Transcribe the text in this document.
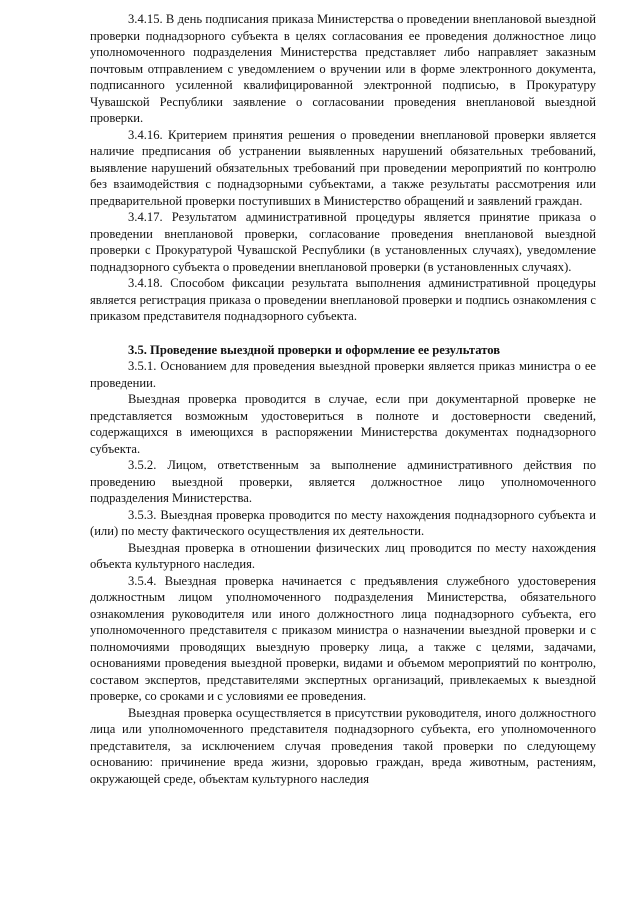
3.4.15. В день подписания приказа Министерства о проведении внеплановой выездной проверки поднадзорного субъекта в целях согласования ее проведения должностное лицо уполномоченного подразделения Министерства представляет либо направляет заказным почтовым отправлением с уведомлением о вручении или в форме электронного документа, подписанного усиленной квалифицированной электронной подписью, в Прокуратуру Чувашской Республики заявление о согласовании проведения внеплановой выездной проверки.

3.4.16. Критерием принятия решения о проведении внеплановой проверки является наличие предписания об устранении выявленных нарушений обязательных требований, выявление нарушений обязательных требований при проведении мероприятий по контролю без взаимодействия с поднадзорными субъектами, а также результаты рассмотрения или предварительной проверки поступивших в Министерство обращений и заявлений граждан.

3.4.17. Результатом административной процедуры является принятие приказа о проведении внеплановой проверки, согласование проведения внеплановой выездной проверки с Прокуратурой Чувашской Республики (в установленных случаях), уведомление поднадзорного субъекта о проведении внеплановой проверки (в установленных случаях).

3.4.18. Способом фиксации результата выполнения административной процедуры является регистрация приказа о проведении внеплановой проверки и подпись ознакомления с приказом представителя поднадзорного субъекта.

3.5. Проведение выездной проверки и оформление ее результатов

3.5.1. Основанием для проведения выездной проверки является приказ министра о ее проведении.

Выездная проверка проводится в случае, если при документарной проверке не представляется возможным удостовериться в полноте и достоверности сведений, содержащихся в имеющихся в распоряжении Министерства документах поднадзорного субъекта.

3.5.2. Лицом, ответственным за выполнение административного действия по проведению выездной проверки, является должностное лицо уполномоченного подразделения Министерства.

3.5.3. Выездная проверка проводится по месту нахождения поднадзорного субъекта и (или) по месту фактического осуществления их деятельности.

Выездная проверка в отношении физических лиц проводится по месту нахождения объекта культурного наследия.

3.5.4. Выездная проверка начинается с предъявления служебного удостоверения должностным лицом уполномоченного подразделения Министерства, обязательного ознакомления руководителя или иного должностного лица поднадзорного субъекта, его уполномоченного представителя с приказом министра о назначении выездной проверки и с полномочиями проводящих выездную проверку лица, а также с целями, задачами, основаниями проведения выездной проверки, видами и объемом мероприятий по контролю, составом экспертов, представителями экспертных организаций, привлекаемых к выездной проверке, со сроками и с условиями ее проведения.

Выездная проверка осуществляется в присутствии руководителя, иного должностного лица или уполномоченного представителя поднадзорного субъекта, его уполномоченного представителя, за исключением случая проведения такой проверки по следующему основанию: причинение вреда жизни, здоровью граждан, вреда животным, растениям, окружающей среде, объектам культурного наследия
